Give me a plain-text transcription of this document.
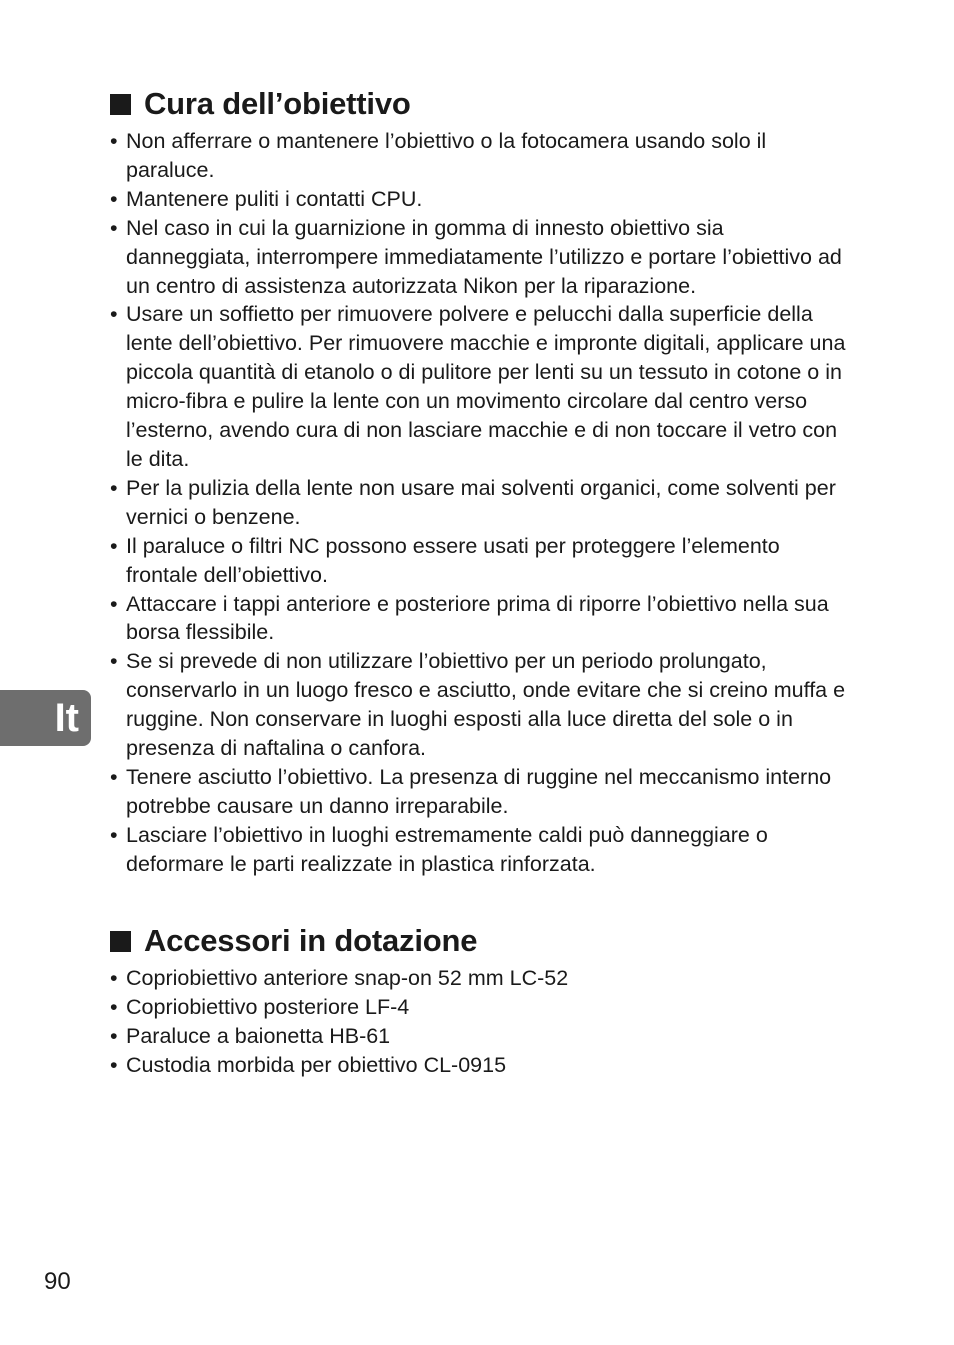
Cura dell’obiettivo
• Non afferrare o mantenere l’obiettivo o la fotocamera usando solo il paraluce.
• Mantenere puliti i contatti CPU.
• Nel caso in cui la guarnizione in gomma di innesto obiettivo sia danneggiata, interrompere immediatamente l’utilizzo e portare l’obiettivo ad un centro di assistenza autorizzata Nikon per la riparazione.
• Usare un soffietto per rimuovere polvere e pelucchi dalla superficie della lente dell’obiettivo. Per rimuovere macchie e impronte digitali, applicare una piccola quantità di etanolo o di pulitore per lenti su un tessuto in cotone o in micro-fibra e pulire la lente con un movimento circolare dal centro verso l’esterno, avendo cura di non lasciare macchie e di non toccare il vetro con le dita.
• Per la pulizia della lente non usare mai solventi organici, come solventi per vernici o benzene.
• Il paraluce o filtri NC possono essere usati per proteggere l’elemento frontale dell’obiettivo.
• Attaccare i tappi anteriore e posteriore prima di riporre l’obiettivo nella sua borsa flessibile.
• Se si prevede di non utilizzare l’obiettivo per un periodo prolungato, conservarlo in un luogo fresco e asciutto, onde evitare che si creino muffa e ruggine. Non conservare in luoghi esposti alla luce diretta del sole o in presenza di naftalina o canfora.
• Tenere asciutto l’obiettivo. La presenza di ruggine nel meccanismo interno potrebbe causare un danno irreparabile.
• Lasciare l’obiettivo in luoghi estremamente caldi può danneggiare o deformare le parti realizzate in plastica rinforzata.
Accessori in dotazione
• Copriobiettivo anteriore snap-on 52 mm LC-52
• Copriobiettivo posteriore LF-4
• Paraluce a baionetta HB-61
• Custodia morbida per obiettivo CL-0915
It
90
